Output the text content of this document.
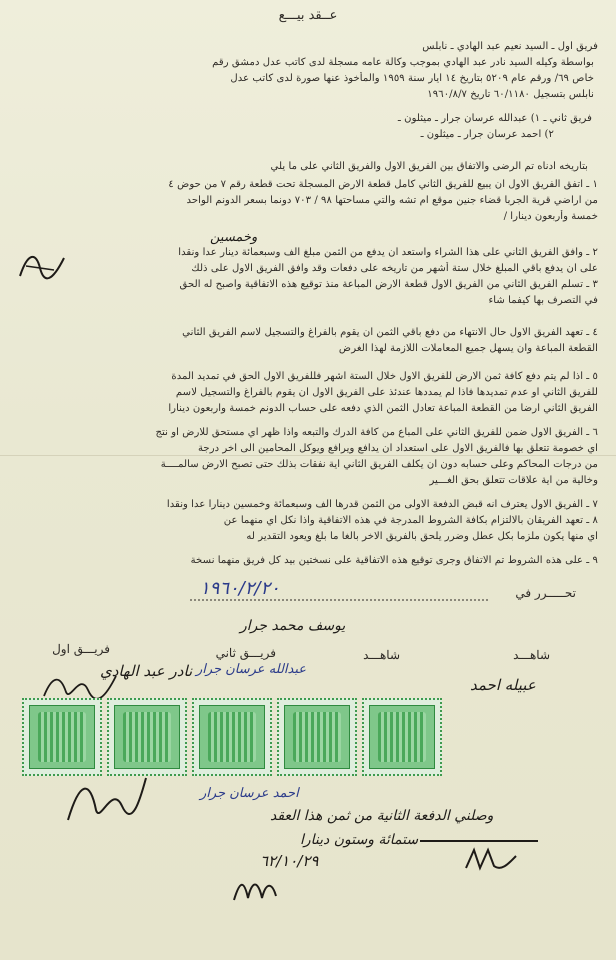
عــقد بيـــع
فريق اول ـ السيد نعيم عبد الهادي ـ نابلس
بواسطة وكيله السيد نادر عبد الهادي بموجب وكالة عامه مسجلة لدى كاتب عدل دمشق رقم
خاص ٦٩/ ورقم عام ٥٢٠٩ بتاريخ ١٤ ايار سنة ١٩٥٩ والمأخوذ عنها صورة لدى كاتب عدل
نابلس بتسجيل ٦٠/١١٨٠ تاريخ ١٩٦٠/٨/٧
فريق ثاني ـ ١) عبدالله عرسان جرار ـ ميثلون ـ
٢) احمد عرسان جرار ـ ميثلون ـ
بتاريخه ادناه تم الرضى والاتفاق بين الفريق الاول والفريق الثاني على ما يلي
١ ـ اتفق الفريق الاول ان يبيع للفريق الثاني كامل قطعة الارض المسجلة تحت قطعة رقم ٧ من حوض ٤
من اراضي قرية الجربا قضاء جنين موقع ام تشه والتي مساحتها ٩٨ / ٧٠٣ دونما بسعر الدونم الواحد
خمسة وأربعون دينارا /
٢ ـ وافق الفريق الثاني على هذا الشراء واستعد ان يدفع من الثمن مبلغ الف وسبعمائة دينار عدا ونقدا
على ان يدفع باقي المبلغ خلال ستة أشهر من تاريخه على دفعات وقد وافق الفريق الاول على ذلك
٣ ـ تسلم الفريق الثاني من الفريق الاول قطعة الارض المباعة منذ توقيع هذه الاتفاقية واصبح له الحق
في التصرف بها كيفما شاء
٤ ـ تعهد الفريق الاول حال الانتهاء من دفع باقي الثمن ان يقوم بالفراغ والتسجيل لاسم الفريق الثاني
القطعة المباعة وان يسهل جميع المعاملات اللازمة لهذا الغرض
٥ ـ اذا لم يتم دفع كافة ثمن الارض للفريق الاول خلال الستة اشهر فللفريق الاول الحق في تمديد المدة
للفريق الثاني او عدم تمديدها فاذا لم يمددها عندئذ على الفريق الاول ان يقوم بالفراغ والتسجيل لاسم
الفريق الثاني ارضا من القطعة المباعة تعادل الثمن الذي دفعه على حساب الدونم خمسة واربعون دينارا
٦ ـ الفريق الاول ضمن للفريق الثاني على المباع من كافة الدرك والتبعه واذا ظهر اي مستحق للارض او نتج
اي خصومة تتعلق بها فالفريق الاول على استعداد ان يدافع ويرافع ويوكل المحامين الى اخر درجة
من درجات المحاكم وعلى حسابه دون ان يكلف الفريق الثاني اية نفقات بذلك حتى تصبح الارض سالمــــة
وخالية من اية علاقات تتعلق بحق الغـــير
٧ ـ الفريق الاول يعترف انه قبض الدفعة الاولى من الثمن قدرها الف وسبعمائة وخمسين دينارا عدا ونقدا
٨ ـ تعهد الفريقان بالالتزام بكافة الشروط المدرجة في هذه الاتفاقية واذا نكل اي منهما عن
اي منها يكون ملزما بكل عطل وضرر يلحق بالفريق الاخر بالغا ما بلغ ويعود التقدير له
٩ ـ على هذه الشروط تم الاتفاق وجرى توقيع هذه الاتفاقية على نسختين بيد كل فريق منهما نسخة
وخمسين
تحـــــرر في
١٩٦٠/٢/٢٠
يوسف محمد جرار
فريـــق اول	فريـــق ثاني	شاهـــد	شاهـــد
عبدالله عرسان جرار
عبيله احمد
نادر عبد الهادي
احمد عرسان جرار
وصلني الدفعة الثانية من ثمن هذا العقد
ستمائة وستون دينارا
٦٢/١٠/٢٩
